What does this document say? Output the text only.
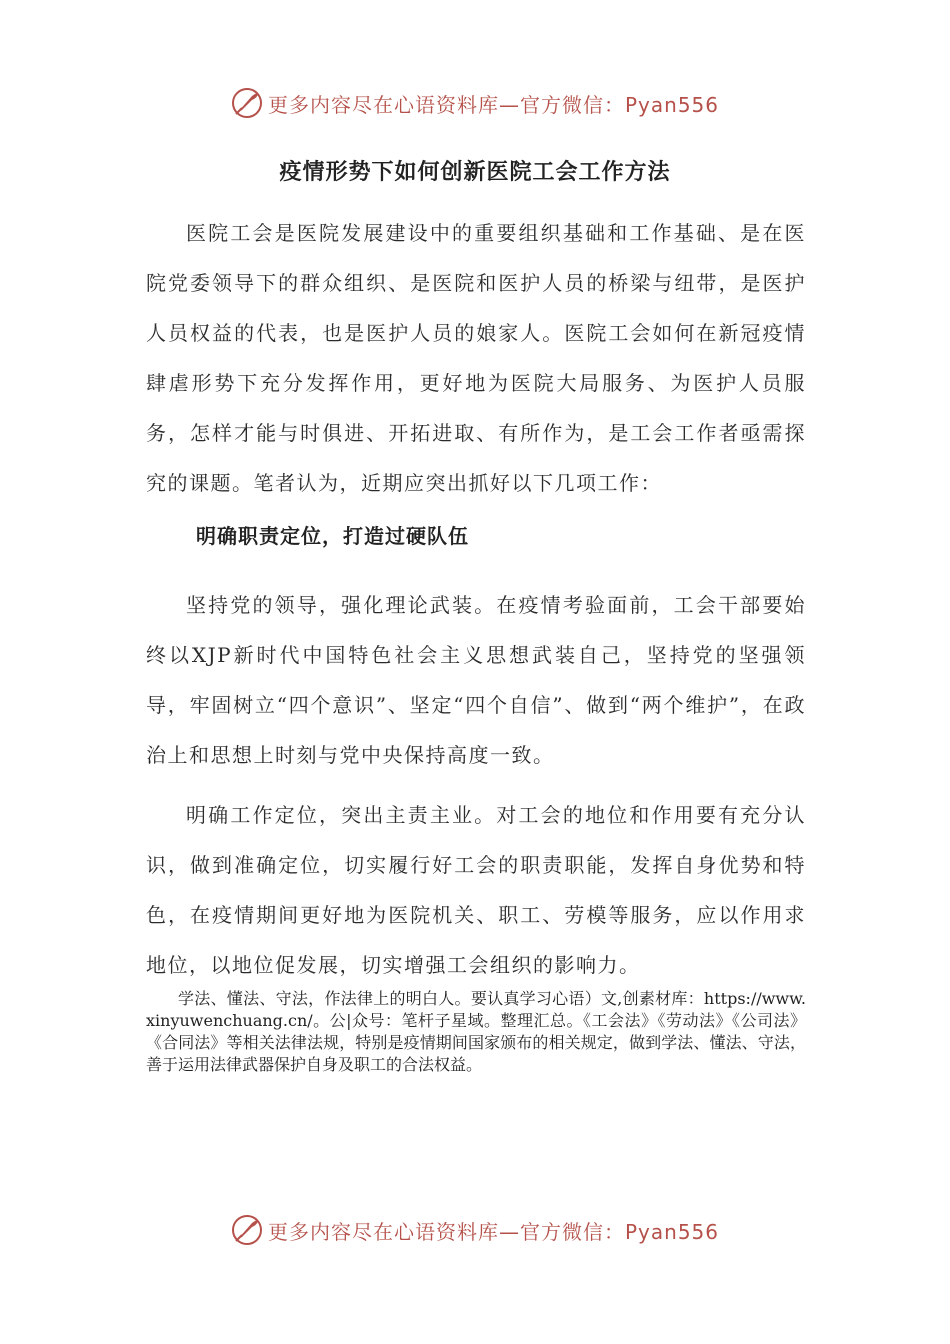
更多内容尽在心语资料库—官方微信：Pyan556
疫情形势下如何创新医院工会工作方法

医院工会是医院发展建设中的重要组织基础和工作基础、是在医院党委领导下的群众组织、是医院和医护人员的桥梁与纽带，是医护人员权益的代表，也是医护人员的娘家人。医院工会如何在新冠疫情肆虐形势下充分发挥作用，更好地为医院大局服务、为医护人员服务，怎样才能与时俱进、开拓进取、有所作为，是工会工作者亟需探究的课题。笔者认为，近期应突出抓好以下几项工作：

明确职责定位，打造过硬队伍

坚持党的领导，强化理论武装。在疫情考验面前，工会干部要始终以XJP新时代中国特色社会主义思想武装自己，坚持党的坚强领导，牢固树立“四个意识”、坚定“四个自信”、做到“两个维护”，在政治上和思想上时刻与党中央保持高度一致。

明确工作定位，突出主责主业。对工会的地位和作用要有充分认识，做到准确定位，切实履行好工会的职责职能，发挥自身优势和特色，在疫情期间更好地为医院机关、职工、劳模等服务，应以作用求地位，以地位促发展，切实增强工会组织的影响力。

学法、懂法、守法，作法律上的明白人。要认真学习心语）文,创素材库：https://www.xinyuwenchuang.cn/。公|众号：笔杆子星域。整理汇总。《工会法》《劳动法》《公司法》《合同法》等相关法律法规，特别是疫情期间国家颁布的相关规定，做到学法、懂法、守法，善于运用法律武器保护自身及职工的合法权益。

更多内容尽在心语资料库—官方微信：Pyan556
